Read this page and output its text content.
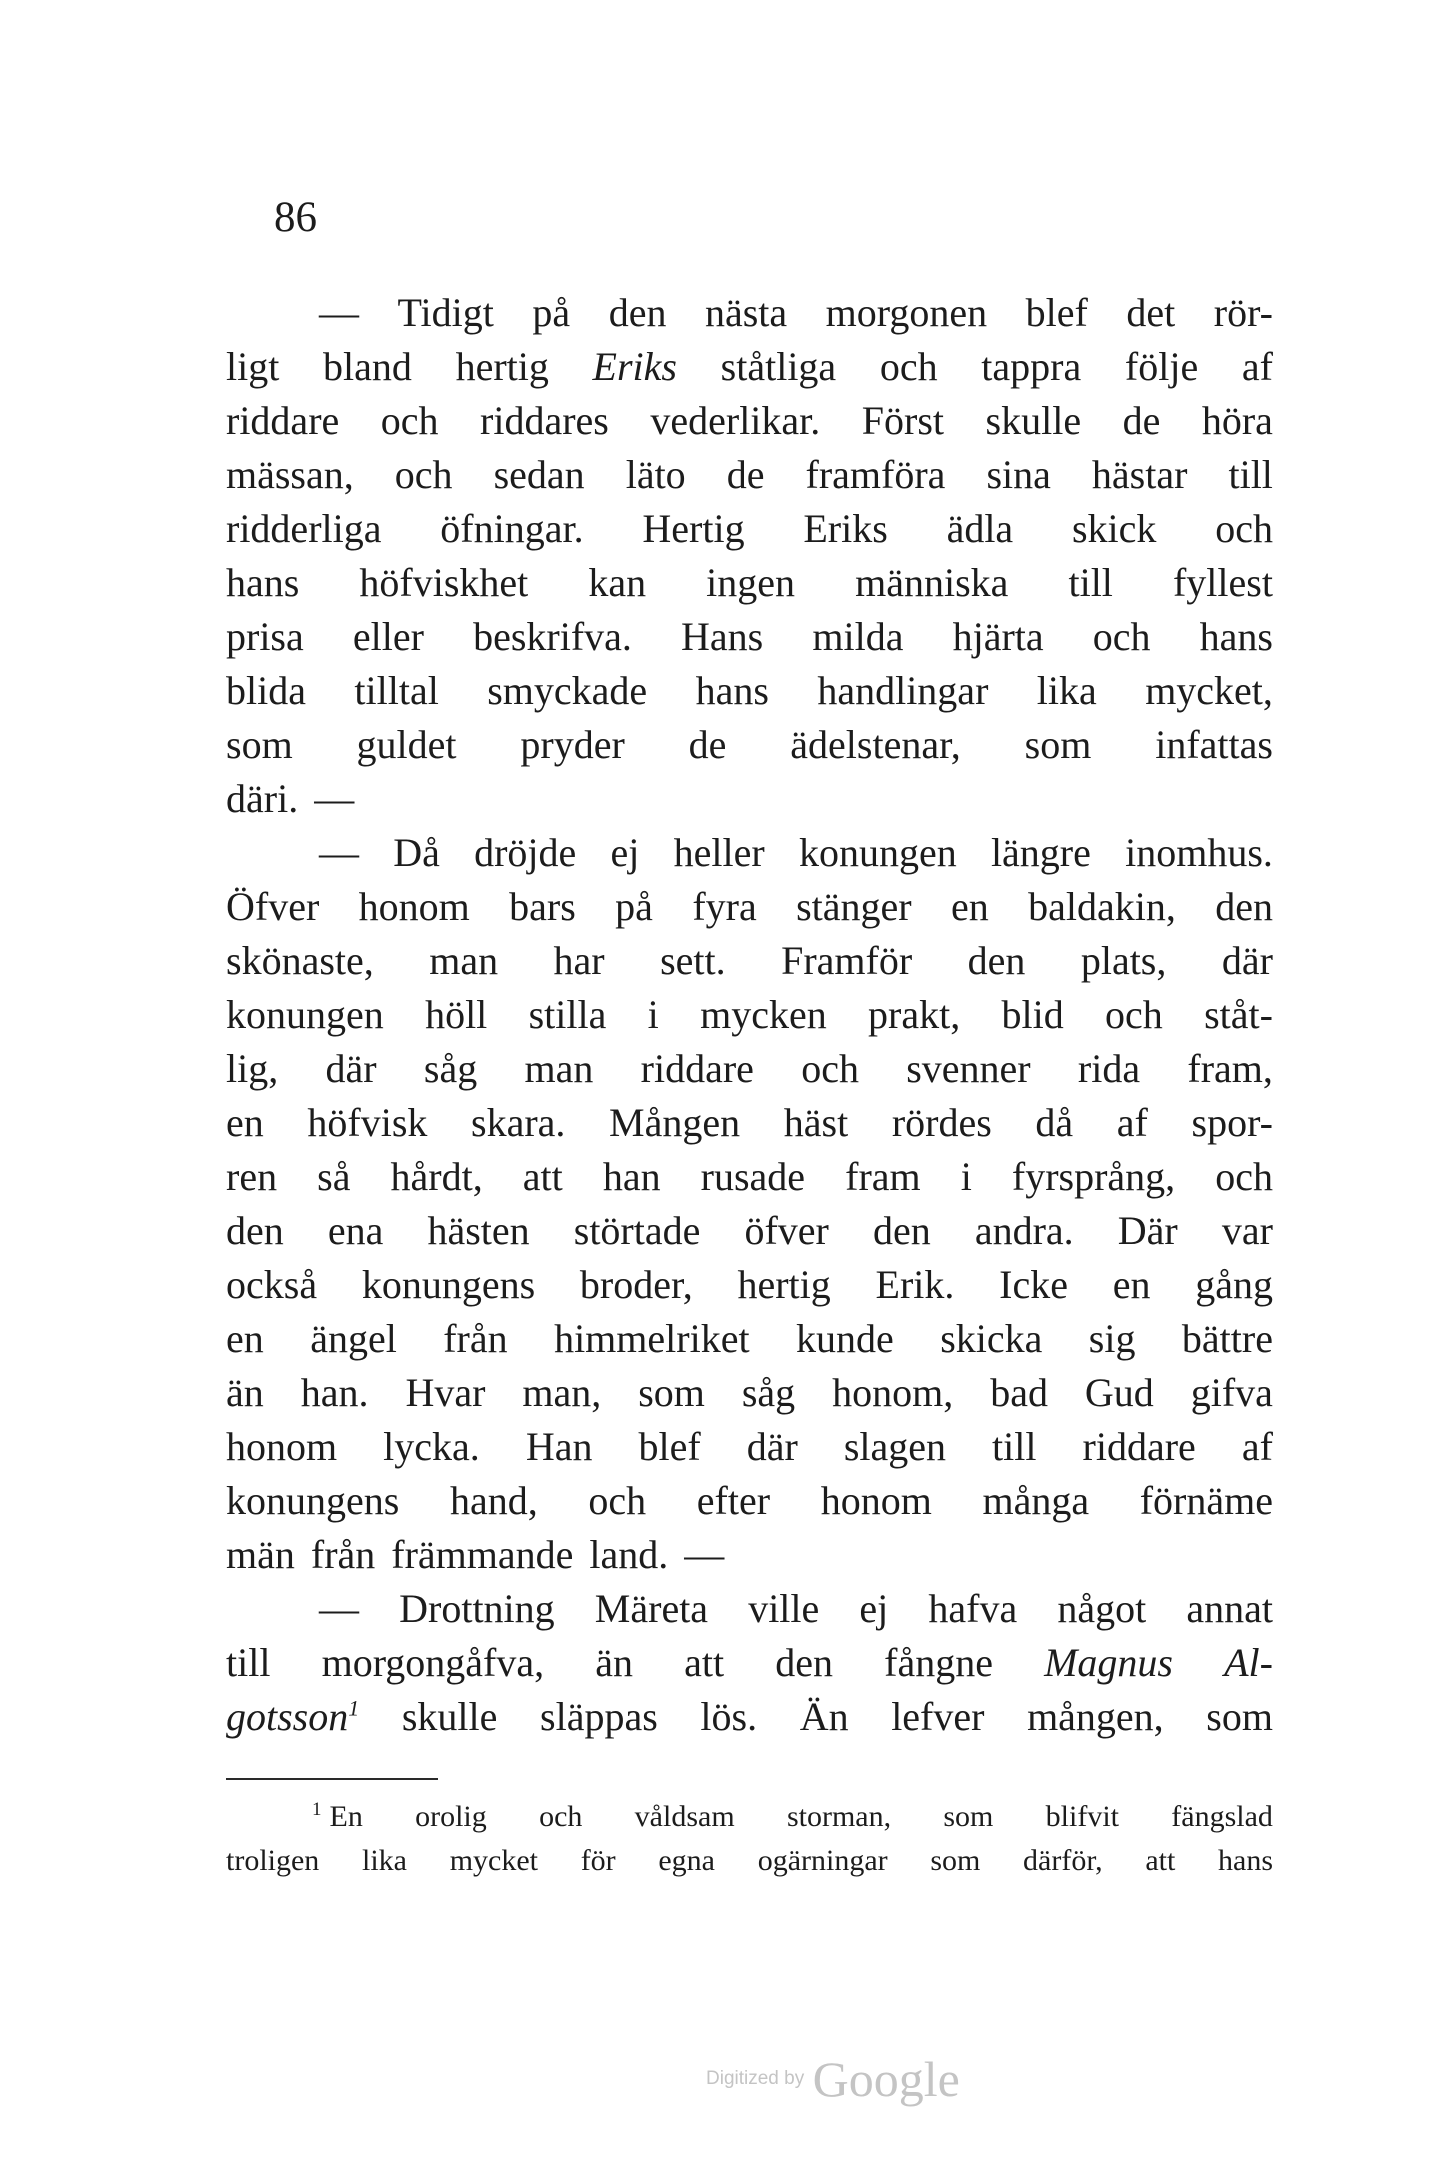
86
— Tidigt på den nästa morgonen blef det rör-
ligt bland hertig Eriks ståtliga och tappra följe af
riddare och riddares vederlikar. Först skulle de höra
mässan, och sedan läto de framföra sina hästar till
ridderliga öfningar. Hertig Eriks ädla skick och
hans höfviskhet kan ingen människa till fyllest
prisa eller beskrifva. Hans milda hjärta och hans
blida tilltal smyckade hans handlingar lika mycket,
som guldet pryder de ädelstenar, som infattas
däri. —
— Då dröjde ej heller konungen längre inomhus.
Öfver honom bars på fyra stänger en baldakin, den
skönaste, man har sett. Framför den plats, där
konungen höll stilla i mycken prakt, blid och ståt-
lig, där såg man riddare och svenner rida fram,
en höfvisk skara. Mången häst rördes då af spor-
ren så hårdt, att han rusade fram i fyrsprång, och
den ena hästen störtade öfver den andra. Där var
också konungens broder, hertig Erik. Icke en gång
en ängel från himmelriket kunde skicka sig bättre
än han. Hvar man, som såg honom, bad Gud gifva
honom lycka. Han blef där slagen till riddare af
konungens hand, och efter honom många förnäme
män från främmande land. —
— Drottning Märeta ville ej hafva något annat
till morgongåfva, än att den fångne Magnus Al-
gotsson$^1$ skulle släppas lös. Än lefver mången, som
$^1$ En orolig och våldsam storman, som blifvit fängslad
troligen lika mycket för egna ogärningar som därför, att hans
Digitized by Google
